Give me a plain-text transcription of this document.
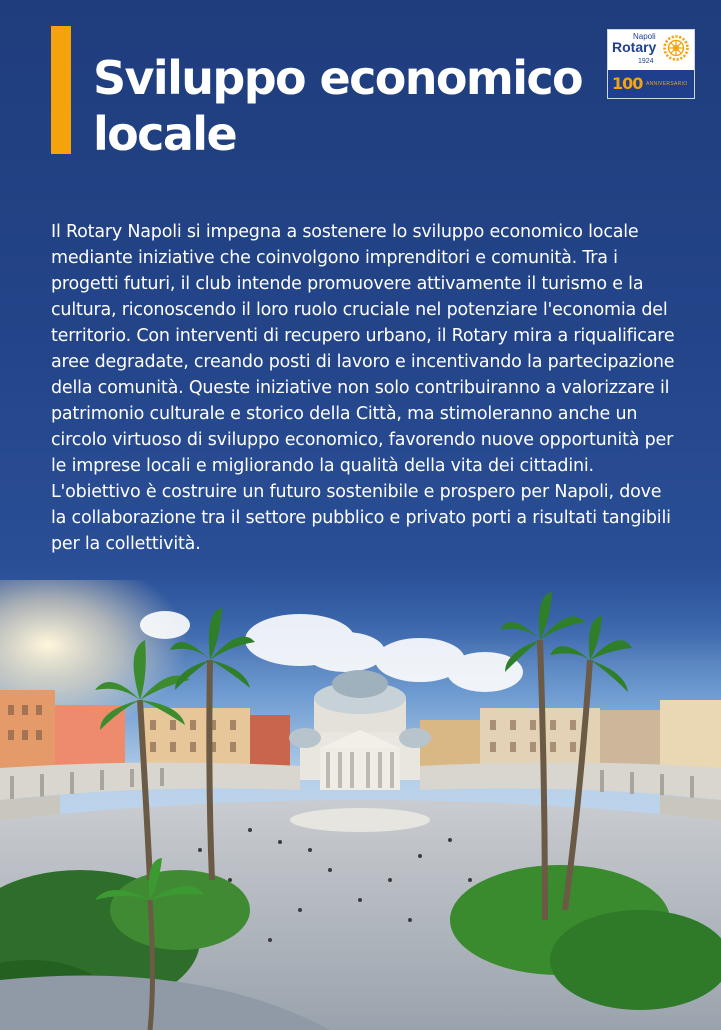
Sviluppo economico locale
Napoli
Rotary
1924
100 ANNIVERSARIO

Il Rotary Napoli si impegna a sostenere lo sviluppo economico locale mediante iniziative che coinvolgono imprenditori e comunità. Tra i progetti futuri, il club intende promuovere attivamente il turismo e la cultura, riconoscendo il loro ruolo cruciale nel potenziare l'economia del territorio. Con interventi di recupero urbano, il Rotary mira a riqualificare aree degradate, creando posti di lavoro e incentivando la partecipazione della comunità. Queste iniziative non solo contribuiranno a valorizzare il patrimonio culturale e storico della Città, ma stimoleranno anche un circolo virtuoso di sviluppo economico, favorendo nuove opportunità per le imprese locali e migliorando la qualità della vita dei cittadini. L'obiettivo è costruire un futuro sostenibile e prospero per Napoli, dove la collaborazione tra il settore pubblico e privato porti a risultati tangibili per la collettività.
